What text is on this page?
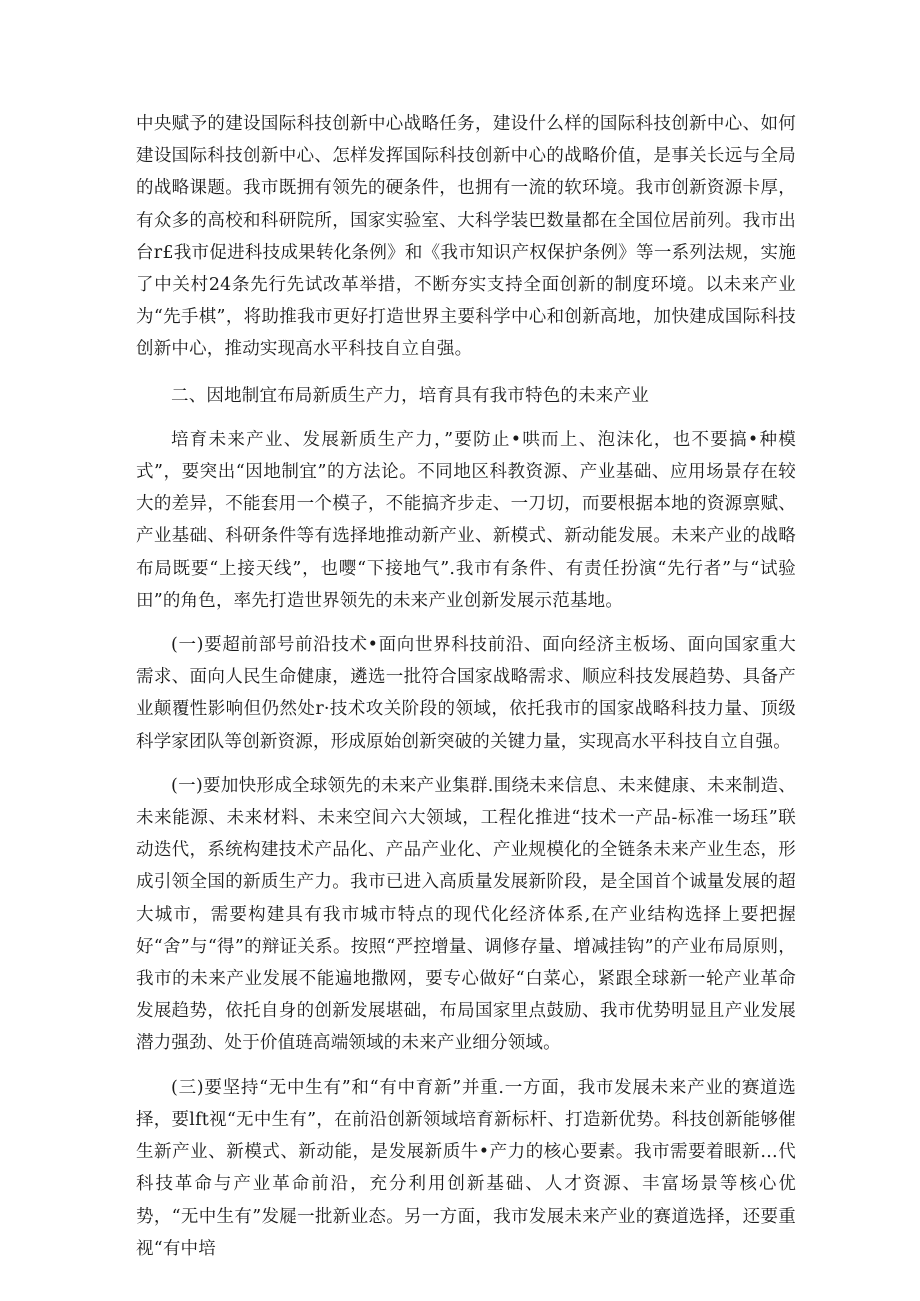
中央赋予的建设国际科技创新中心战略任务，建设什么样的国际科技创新中心、如何建设国际科技创新中心、怎样发挥国际科技创新中心的战略价值，是事关长远与全局的战略课题。我市既拥有领先的硬条件，也拥有一流的软环境。我市创新资源卡厚，有众多的高校和科研院所，国家实验室、大科学装巴数量都在全国位居前列。我市出台r£我市促进科技成果转化条例》和《我市知识产权保护条例》等一系列法规，实施了中关村24条先行先试改革举措，不断夯实支持全面创新的制度环境。以未来产业为“先手棋”，将助推我市更好打造世界主要科学中心和创新高地，加快建成国际科技创新中心，推动实现高水平科技自立自强。

二、因地制宜布局新质生产力，培育具有我市特色的未来产业

培育未来产业、发展新质生产力，”要防止•哄而上、泡沫化，也不要搞•种模式”，要突出“因地制宜”的方法论。不同地区科教资源、产业基础、应用场景存在较大的差异，不能套用一个模子，不能搞齐步走、一刀切，而要根据本地的资源禀赋、产业基础、科研条件等有选择地推动新产业、新模式、新动能发展。未来产业的战略布局既要“上接天线”，也嘤“下接地气”.我市有条件、有责任扮演“先行者”与“试验田”的角色，率先打造世界领先的未来产业创新发展示范基地。

(一)要超前部号前沿技术•面向世界科技前沿、面向经济主板场、面向国家重大需求、面向人民生命健康，遴选一批符合国家战略需求、顺应科技发展趋势、具备产业颠覆性影响但仍然处r·技术攻关阶段的领域，依托我市的国家战略科技力量、顶级科学家团队等创新资源，形成原始创新突破的关键力量，实现高水平科技自立自强。

(一)要加快形成全球领先的未来产业集群.围绕未来信息、未来健康、未来制造、未来能源、未来材料、未来空间六大领域，工程化推进“技术一产品-标准一场珏”联动迭代，系统构建技术产品化、产品产业化、产业规模化的全链条未来产业生态，形成引领全国的新质生产力。我市已进入高质量发展新阶段，是全国首个诚量发展的超大城市，需要构建具有我市城市特点的现代化经济体系,在产业结构选择上要把握好“舍”与“得”的辩证关系。按照“严控增量、调修存量、增减挂钩”的产业布局原则，我市的未来产业发展不能遍地撒网，要专心做好“白菜心，紧跟全球新一轮产业革命发展趋势，依托自身的创新发展堪础，布局国家里点鼓励、我市优势明显且产业发展潜力强劲、处于价值琏高端领域的未来产业细分领域。

(三)要坚持“无中生有”和“有中育新”并重.一方面，我市发展未来产业的赛道选择，要lft视“无中生有”，在前沿创新领域培育新标杆、打造新优势。科技创新能够催生新产业、新模式、新动能，是发展新质牛•产力的核心要素。我市需要着眼新…代科技革命与产业革命前沿，充分利用创新基础、人才资源、丰富场景等核心优势，“无中生有”发屣一批新业态。另一方面，我市发展未来产业的赛道选择，还要重视“有中培
